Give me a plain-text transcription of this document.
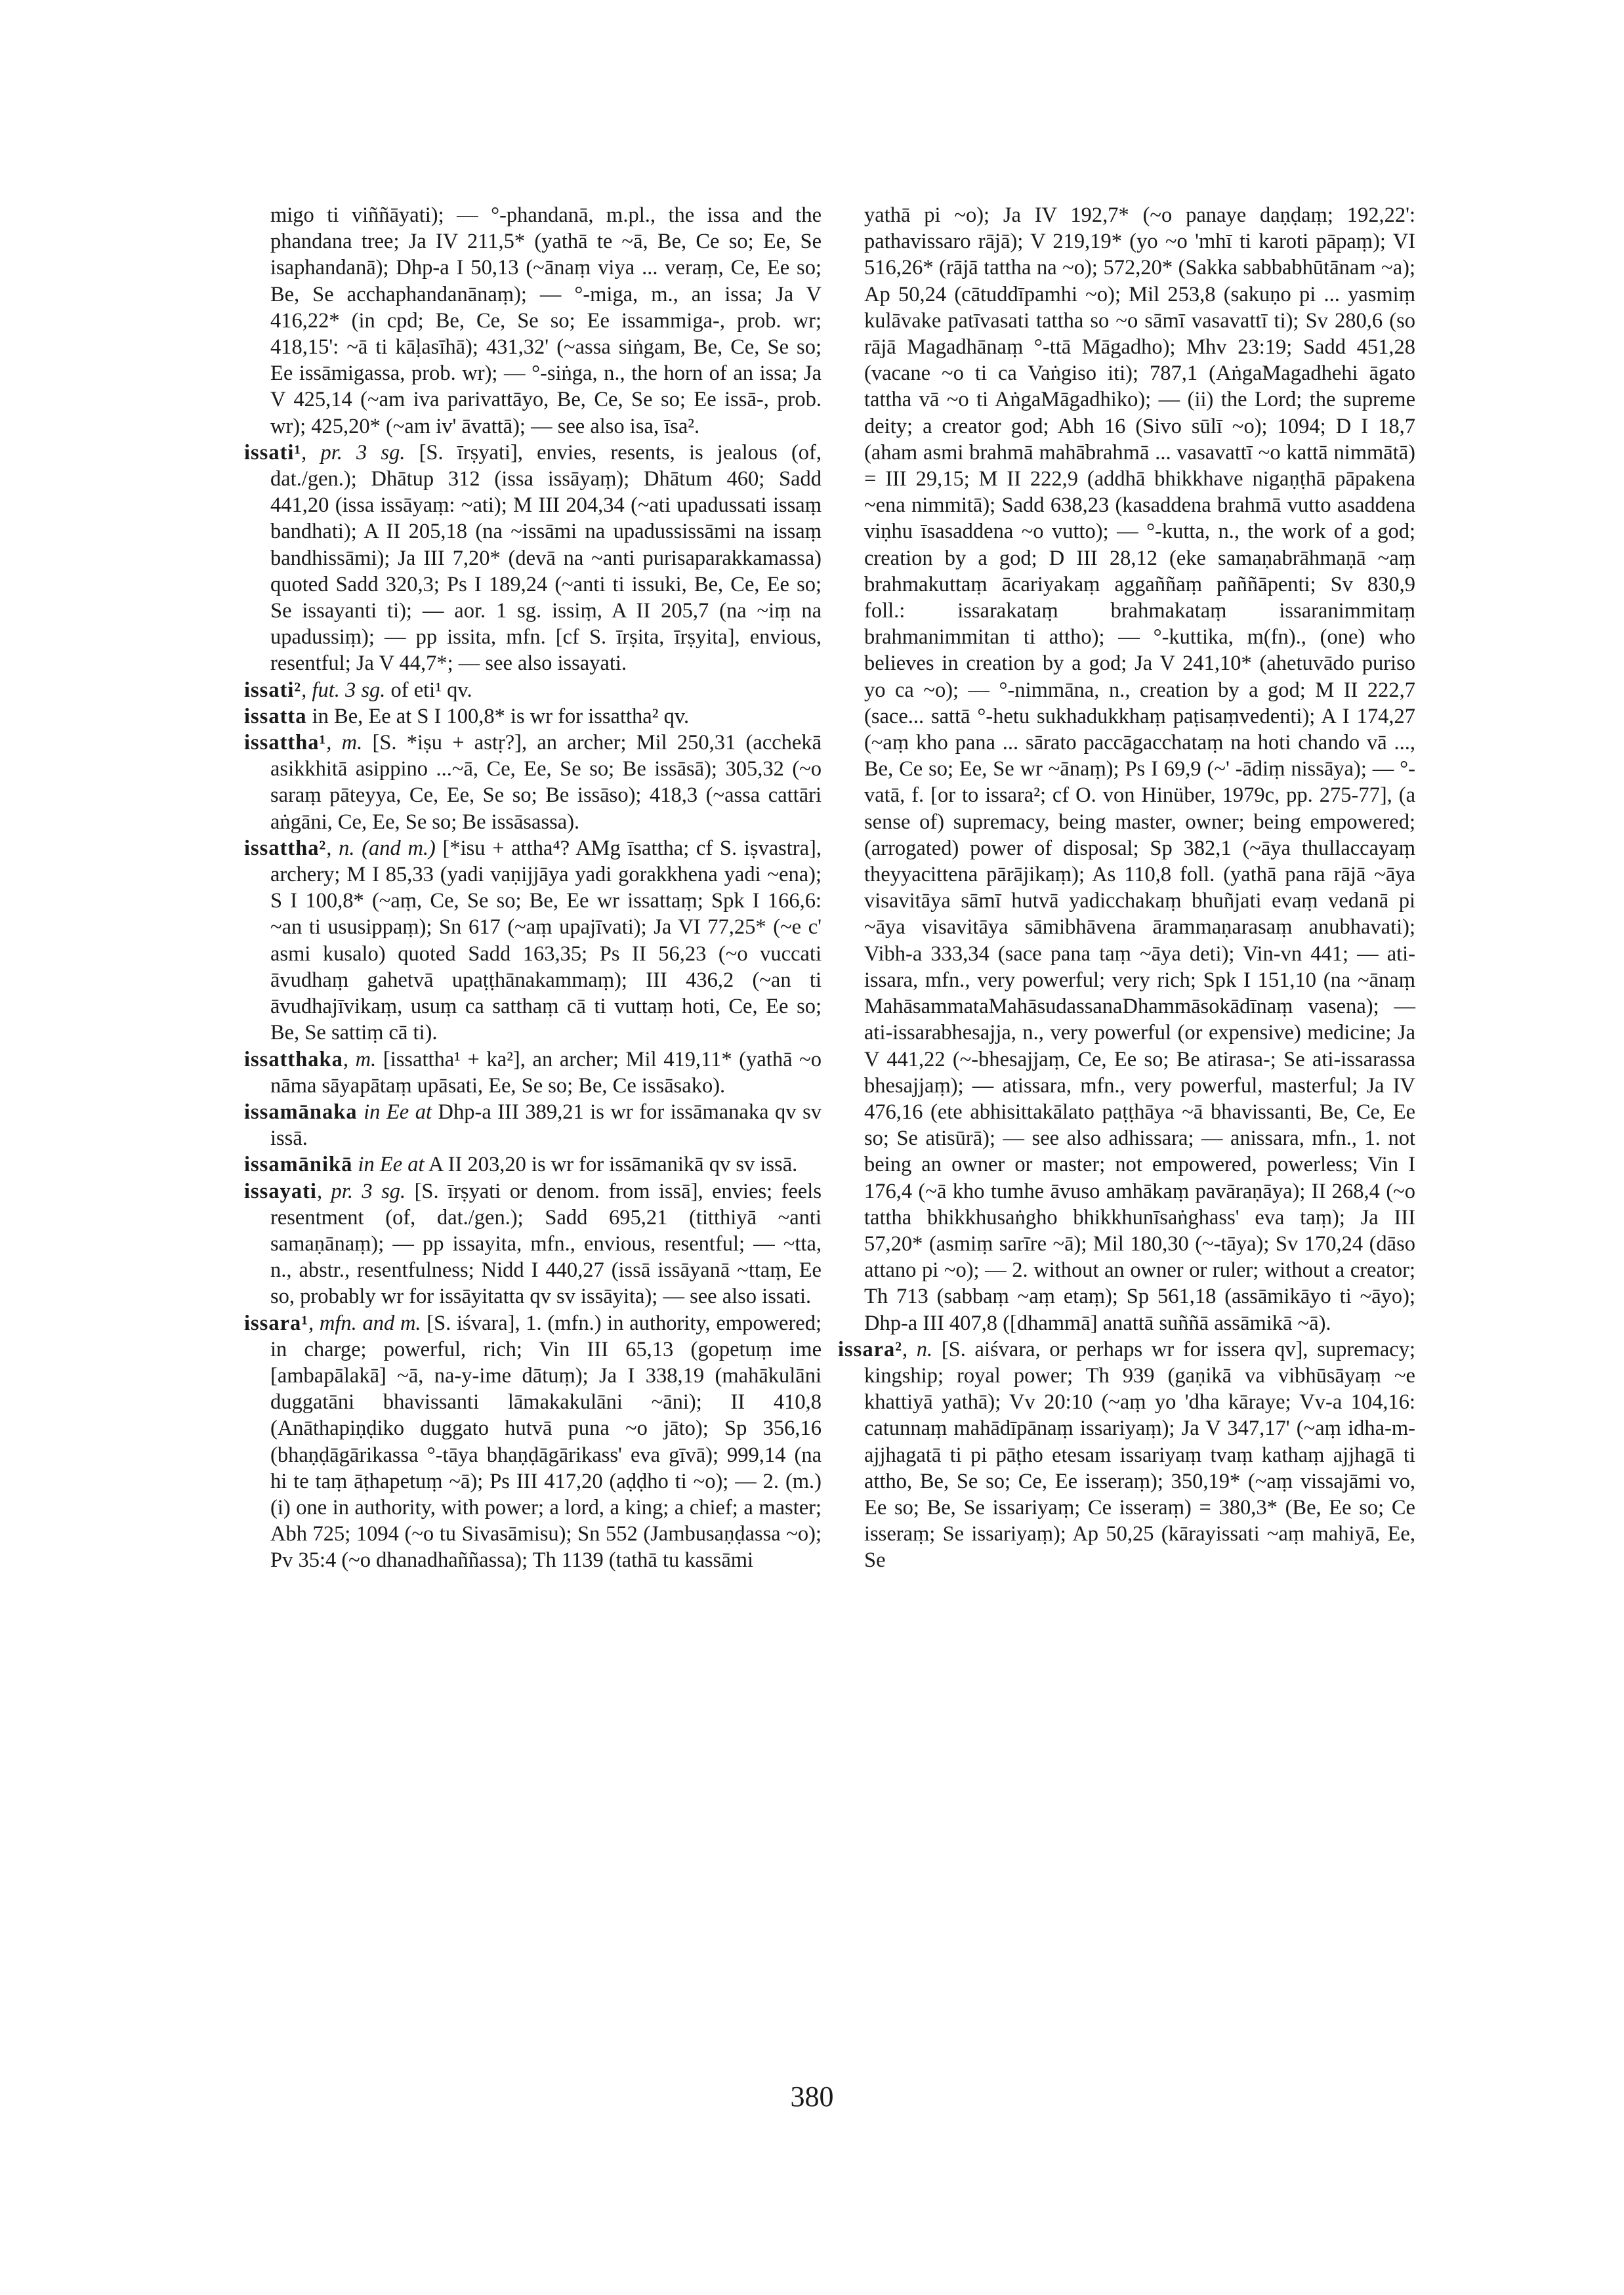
migo ti viññāyati); — °-phandanā, m.pl., the issa and the phandana tree; Ja IV 211,5* (yathā te ~ā, Be, Ce so; Ee, Se isaphandanā); Dhp-a I 50,13 (~ānaṃ viya ... veraṃ, Ce, Ee so; Be, Se acchaphandanānaṃ); — °-miga, m., an issa; Ja V 416,22* (in cpd; Be, Ce, Se so; Ee issammiga-, prob. wr; 418,15': ~ā ti kāḷasīhā); 431,32' (~assa siṅgam, Be, Ce, Se so; Ee issāmigassa, prob. wr); — °-siṅga, n., the horn of an issa; Ja V 425,14 (~am iva parivattāyo, Be, Ce, Se so; Ee issā-, prob. wr); 425,20* (~am iv' āvattā); — see also isa, īsa².

issati¹, pr. 3 sg. [S. īrṣyati], envies, resents, is jealous (of, dat./gen.); Dhātup 312 (issa issāyaṃ); Dhātum 460; Sadd 441,20 (issa issāyaṃ: ~ati); M III 204,34 (~ati upadussati issaṃ bandhati); A II 205,18 (na ~issāmi na upadussissāmi na issaṃ bandhissāmi); Ja III 7,20* (devā na ~anti purisaparakkamassa) quoted Sadd 320,3; Ps I 189,24 (~anti ti issuki, Be, Ce, Ee so; Se issayanti ti); — aor. 1 sg. issiṃ, A II 205,7 (na ~iṃ na upadussiṃ); — pp issita, mfn. [cf S. īrṣita, īrṣyita], envious, resentful; Ja V 44,7*; — see also issayati.

issati², fut. 3 sg. of eti¹ qv.

issatta in Be, Ee at S I 100,8* is wr for issattha² qv.

issattha¹, m. [S. *iṣu + astṛ?], an archer; Mil 250,31 (acchekā asikkhitā asippino ...~ā, Ce, Ee, Se so; Be issāsā); 305,32 (~o saraṃ pāteyya, Ce, Ee, Se so; Be issāso); 418,3 (~assa cattāri aṅgāni, Ce, Ee, Se so; Be issāsassa).

issattha², n. (and m.) [*isu + attha⁴? AMg īsattha; cf S. iṣvastra], archery; M I 85,33 (yadi vaṇijjāya yadi gorakkhena yadi ~ena); S I 100,8* (~aṃ, Ce, Se so; Be, Ee wr issattaṃ; Spk I 166,6: ~an ti ususippaṃ); Sn 617 (~aṃ upajīvati); Ja VI 77,25* (~e c' asmi kusalo) quoted Sadd 163,35; Ps II 56,23 (~o vuccati āvudhaṃ gahetvā upaṭṭhānakammaṃ); III 436,2 (~an ti āvudhajīvikaṃ, usuṃ ca satthaṃ cā ti vuttaṃ hoti, Ce, Ee so; Be, Se sattiṃ cā ti).

issatthaka, m. [issattha¹ + ka²], an archer; Mil 419,11* (yathā ~o nāma sāyapātaṃ upāsati, Ee, Se so; Be, Ce issāsako).

issamānaka in Ee at Dhp-a III 389,21 is wr for issāmanaka qv sv issā.

issamānikā in Ee at A II 203,20 is wr for issāmanikā qv sv issā.

issayati, pr. 3 sg. [S. īrṣyati or denom. from issā], envies; feels resentment (of, dat./gen.); Sadd 695,21 (titthiyā ~anti samaṇānaṃ); — pp issayita, mfn., envious, resentful; — ~tta, n., abstr., resentfulness; Nidd I 440,27 (issā issāyanā ~ttaṃ, Ee so, probably wr for issāyitatta qv sv issāyita); — see also issati.

issara¹, mfn. and m. [S. iśvara], 1. (mfn.) in authority, empowered; in charge; powerful, rich; Vin III 65,13 (gopetuṃ ime [ambapālakā] ~ā, na-y-ime dātuṃ); Ja I 338,19 (mahākulāni duggatāni bhavissanti lāmakakulāni ~āni); II 410,8 (Anāthapiṇḍiko duggato hutvā puna ~o jāto); Sp 356,16 (bhaṇḍāgārikassa °-tāya bhaṇḍāgārikass' eva gīvā); 999,14 (na hi te taṃ āṭhapetuṃ ~ā); Ps III 417,20 (aḍḍho ti ~o); — 2. (m.) (i) one in authority, with power; a lord, a king; a chief; a master; Abh 725; 1094 (~o tu Sivasāmisu); Sn 552 (Jambusaṇḍassa ~o); Pv 35:4 (~o dhanadhaññassa); Th 1139 (tathā tu kassāmi

yathā pi ~o); Ja IV 192,7* (~o panaye daṇḍaṃ; 192,22': pathavissaro rājā); V 219,19* (yo ~o 'mhī ti karoti pāpaṃ); VI 516,26* (rājā tattha na ~o); 572,20* (Sakka sabbabhūtānam ~a); Ap 50,24 (cātuddīpamhi ~o); Mil 253,8 (sakuṇo pi ... yasmiṃ kulāvake patīvasati tattha so ~o sāmī vasavattī ti); Sv 280,6 (so rājā Magadhānaṃ °-ttā Māgadho); Mhv 23:19; Sadd 451,28 (vacane ~o ti ca Vaṅgiso iti); 787,1 (AṅgaMagadhehi āgato tattha vā ~o ti AṅgaMāgadhiko); — (ii) the Lord; the supreme deity; a creator god; Abh 16 (Sivo sūlī ~o); 1094; D I 18,7 (aham asmi brahmā mahābrahmā ... vasavattī ~o kattā nimmātā) = III 29,15; M II 222,9 (addhā bhikkhave nigaṇṭhā pāpakena ~ena nimmitā); Sadd 638,23 (kasaddena brahmā vutto asaddena viṇhu īsasaddena ~o vutto); — °-kutta, n., the work of a god; creation by a god; D III 28,12 (eke samaṇabrāhmaṇā ~aṃ brahmakuttaṃ ācariyakaṃ aggaññaṃ paññāpenti; Sv 830,9 foll.: issarakataṃ brahmakataṃ issaranimmitaṃ brahmanimmitan ti attho); — °-kuttika, m(fn)., (one) who believes in creation by a god; Ja V 241,10* (ahetuvādo puriso yo ca ~o); — °-nimmāna, n., creation by a god; M II 222,7 (sace... sattā °-hetu sukhadukkhaṃ paṭisaṃvedenti); A I 174,27 (~aṃ kho pana ... sārato paccāgacchataṃ na hoti chando vā ..., Be, Ce so; Ee, Se wr ~ānaṃ); Ps I 69,9 (~' -ādiṃ nissāya); — °-vatā, f. [or to issara²; cf O. von Hinüber, 1979c, pp. 275-77], (a sense of) supremacy, being master, owner; being empowered; (arrogated) power of disposal; Sp 382,1 (~āya thullaccayaṃ theyyacittena pārājikaṃ); As 110,8 foll. (yathā pana rājā ~āya visavitāya sāmī hutvā yadicchakaṃ bhuñjati evaṃ vedanā pi ~āya visavitāya sāmibhāvena ārammaṇarasaṃ anubhavati); Vibh-a 333,34 (sace pana taṃ ~āya deti); Vin-vn 441; — ati-issara, mfn., very powerful; very rich; Spk I 151,10 (na ~ānaṃ MahāsammataMahāsudassanaDhammāsokādīnaṃ vasena); — ati-issarabhesajja, n., very powerful (or expensive) medicine; Ja V 441,22 (~-bhesajjaṃ, Ce, Ee so; Be atirasa-; Se ati-issarassa bhesajjaṃ); — atissara, mfn., very powerful, masterful; Ja IV 476,16 (ete abhisittakālato paṭṭhāya ~ā bhavissanti, Be, Ce, Ee so; Se atisūrā); — see also adhissara; — anissara, mfn., 1. not being an owner or master; not empowered, powerless; Vin I 176,4 (~ā kho tumhe āvuso amhākaṃ pavāraṇāya); II 268,4 (~o tattha bhikkhusaṅgho bhikkhunīsaṅghass' eva taṃ); Ja III 57,20* (asmiṃ sarīre ~ā); Mil 180,30 (~-tāya); Sv 170,24 (dāso attano pi ~o); — 2. without an owner or ruler; without a creator; Th 713 (sabbaṃ ~aṃ etaṃ); Sp 561,18 (assāmikāyo ti ~āyo); Dhp-a III 407,8 ([dhammā] anattā suññā assāmikā ~ā).

issara², n. [S. aiśvara, or perhaps wr for issera qv], supremacy; kingship; royal power; Th 939 (gaṇikā va vibhūsāyaṃ ~e khattiyā yathā); Vv 20:10 (~aṃ yo 'dha kāraye; Vv-a 104,16: catunnaṃ mahādīpānaṃ issariyaṃ); Ja V 347,17' (~aṃ idha-m-ajjhagatā ti pi pāṭho etesam issariyaṃ tvaṃ kathaṃ ajjhagā ti attho, Be, Se so; Ce, Ee isseraṃ); 350,19* (~aṃ vissajāmi vo, Ee so; Be, Se issariyaṃ; Ce isseraṃ) = 380,3* (Be, Ee so; Ce isseraṃ; Se issariyaṃ); Ap 50,25 (kārayissati ~aṃ mahiyā, Ee, Se

380
